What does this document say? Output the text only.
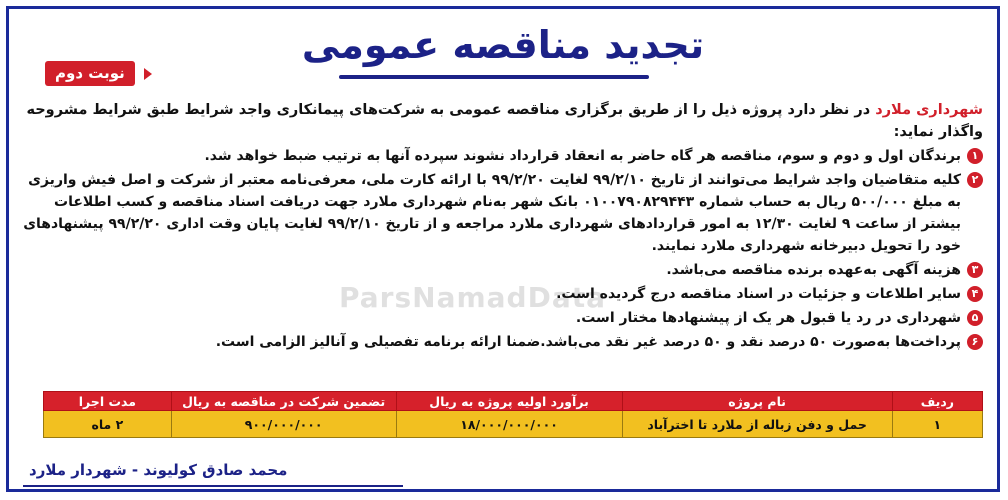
تجدید مناقصه عمومی
نوبت دوم
ParsNamadData
شهرداری ملارد در نظر دارد پروژه ذیل را از طریق برگزاری مناقصه عمومی به شرکت‌های پیمانکاری واجد شرایط طبق شرایط مشروحه واگذار نماید:
۱
برندگان اول و دوم و سوم، مناقصه هر گاه حاضر به انعقاد قرارداد نشوند سپرده آنها به ترتیب ضبط خواهد شد.
۲
کلیه متقاضیان واجد شرایط می‌توانند از تاریخ ۹۹/۲/۱۰ لغایت ۹۹/۲/۲۰ با ارائه کارت ملی، معرفی‌نامه معتبر از شرکت و اصل فیش واریزی به مبلغ ۵۰۰/۰۰۰ ریال به حساب شماره ۰۱۰۰۷۹۰۸۲۹۴۴۳ بانک شهر به‌نام شهرداری ملارد جهت دریافت اسناد مناقصه و کسب اطلاعات بیشتر از ساعت ۹ لغایت ۱۲/۳۰ به امور قراردادهای شهرداری ملارد مراجعه و از تاریخ ۹۹/۲/۱۰ لغایت پایان وقت اداری ۹۹/۲/۲۰ پیشنهادهای خود را تحویل دبیرخانه شهرداری ملارد نمایند.
۳
هزینه آگهی به‌عهده برنده مناقصه می‌باشد.
۴
سایر اطلاعات و جزئیات در اسناد مناقصه درج گردیده است.
۵
شهرداری در رد یا قبول هر یک از پیشنهادها مختار است.
۶
پرداخت‌ها به‌صورت ۵۰ درصد نقد و ۵۰ درصد غیر نقد می‌باشد.ضمنا ارائه برنامه تفصیلی و آنالیز الزامی است.
ردیف	نام پروژه	برآورد اولیه پروژه به ریال	تضمین شرکت در مناقصه به ریال	مدت اجرا
۱	حمل و دفن زباله از ملارد تا اخترآباد	۱۸/۰۰۰/۰۰۰/۰۰۰	۹۰۰/۰۰۰/۰۰۰	۲ ماه
محمد صادق کولیوند - شهردار ملارد
